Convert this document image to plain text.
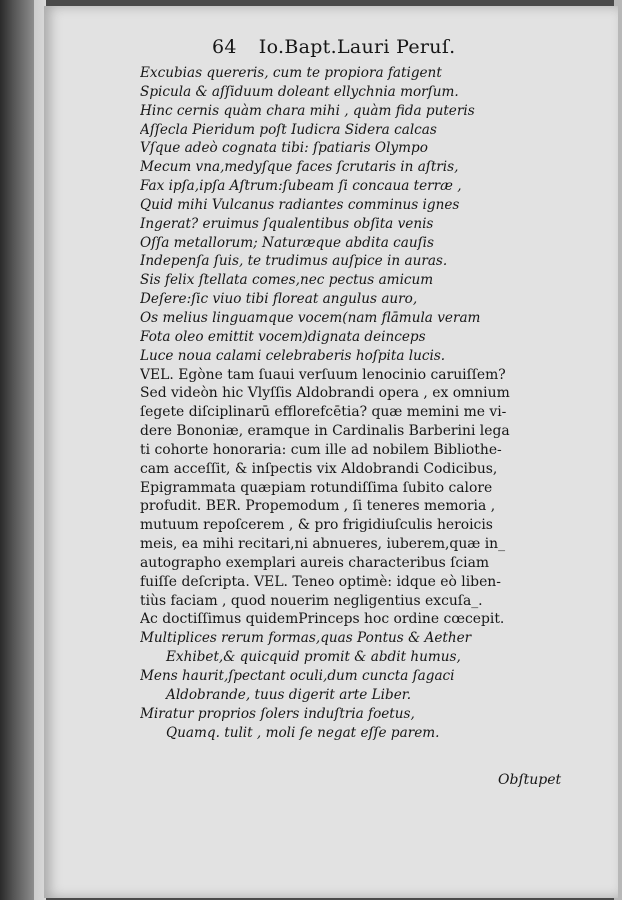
64 Io.Bapt.Lauri Peruſ.
Excubias quereris, cum te propiora fatigent
Spicula & aſſiduum doleant ellychnia morſum.
Hinc cernis quàm chara mihi , quàm fida puteris
Aſſecla Pieridum poſt Iudicra Sidera calcas
Vſque adeò cognata tibi: ſpatiaris Olympo
Mecum vna,medyſque faces ſcrutaris in aſtris,
Fax ipſa,ipſa Aſtrum:ſubeam ſi concaua terræ ,
Quid mihi Vulcanus radiantes comminus ignes
Ingerat? eruimus ſqualentibus obſita venis
Oſſa metallorum; Naturæque abdita cauſis
Indepenſa ſuis, te trudimus auſpice in auras.
Sis felix ſtellata comes,nec pectus amicum
Deſere:ſic viuo tibi floreat angulus auro,
Os melius linguamque vocem(nam flāmula veram
Fota oleo emittit vocem)dignata deinceps
Luce noua calami celebraberis hoſpita lucis.
VEL. Egòne tam ſuaui verſuum lenocinio caruiſſem?
Sed videòn hic Vlyſſis Aldobrandi opera , ex omnium
ſegete diſciplinarū efflorefcētia? quæ memini me vi-
dere Bononiæ, eramque in Cardinalis Barberini lega
ti cohorte honoraria: cum ille ad nobilem Bibliothe-
cam acceſſit, & inſpectis vix Aldobrandi Codicibus,
Epigrammata quæpiam rotundiſſima ſubito calore
profudit. BER. Propemodum , ſi teneres memoria ,
mutuum repoſcerem , & pro frigidiuſculis heroicis
meis, ea mihi recitari,ni abnueres, iuberem,quæ in_
autographo exemplari aureis characteribus ſciam
fuiſſe deſcripta. VEL. Teneo optimè: idque eò liben-
tiùs faciam , quod nouerim negligentius excuſa_.
Ac doctiſſimus quidemPrinceps hoc ordine cœcepit.
Multiplices rerum formas,quas Pontus & Aether
Exhibet,& quicquid promit & abdit humus,
Mens haurit,ſpectant oculi,dum cuncta ſagaci
Aldobrande, tuus digerit arte Liber.
Miratur proprios ſolers induſtria foetus,
Quamq. tulit , moli ſe negat eſſe parem.
Obſtupet
